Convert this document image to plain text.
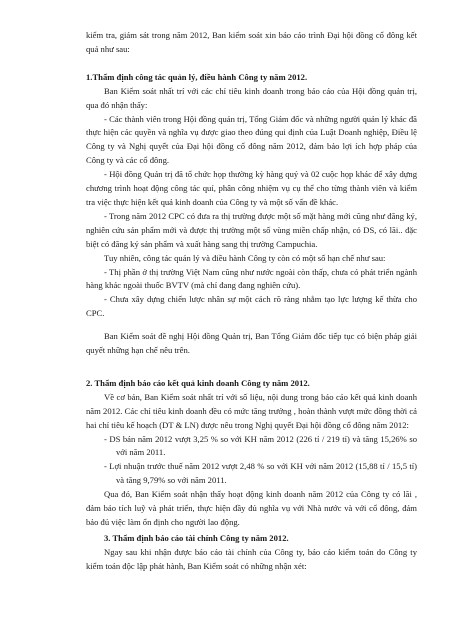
kiểm tra, giám sát trong năm 2012, Ban kiểm soát xin báo cáo trình Đại hội đồng cổ đông kết quả như sau:

1.Thẩm định công tác quản lý, điều hành Công ty năm 2012.

Ban Kiểm soát nhất trí với các chỉ tiêu kinh doanh trong báo cáo của Hội đồng quản trị, qua đó nhận thấy:

- Các thành viên trong Hội đồng quản trị, Tổng Giám đốc và những người quản lý khác đã thực hiện các quyền và nghĩa vụ được giao theo đúng qui định của Luật Doanh nghiệp, Điều lệ Công ty và Nghị quyết của Đại hội đồng cổ đông năm 2012, đảm bảo lợi ích hợp pháp của Công ty và các cổ đông.

- Hội đồng Quản trị đã tổ chức họp thường kỳ hàng quý và 02 cuộc họp khác để xây dựng chương trình hoạt động công tác quí, phân công nhiệm vụ cụ thể cho từng thành viên và kiểm tra việc thực hiện kết quả kinh doanh của Công ty và một số vấn đề khác.

- Trong năm 2012 CPC có đưa ra thị trường được một số mặt hàng mới cũng như đăng ký, nghiên cứu sản phẩm mới và được thị trường một số vùng miền chấp nhận, có DS, có lãi.. đặc biệt có đăng ký sản phẩm và xuất hàng sang thị trường Campuchia.

Tuy nhiên, công tác quản lý và điều hành Công ty còn có một số hạn chế như sau:

- Thị phần ở thị trường Việt Nam cũng như nước ngoài còn thấp, chưa có phát triển ngành hàng khác ngoài thuốc BVTV (mà chỉ đang đang nghiên cứu).

- Chưa xây dựng chiến lược nhân sự một cách rõ ràng nhằm tạo lực lượng kế thừa cho CPC.

Ban Kiểm soát đề nghị Hội đồng Quản trị, Ban Tổng Giám đốc tiếp tục có biện pháp giải quyết những hạn chế nêu trên.

2. Thẩm định báo cáo kết quả kinh doanh Công ty năm 2012.

Về cơ bản, Ban Kiểm soát nhất trí với số liệu, nội dung trong báo cáo kết quả kinh doanh năm 2012. Các chỉ tiêu kinh doanh đều có mức tăng trưởng , hoàn thành vượt mức đồng thời cả hai chỉ tiêu kế hoạch (DT & LN) được nêu trong Nghị quyết Đại hội đồng cổ đông năm 2012:

- DS bán năm 2012 vượt 3,25 % so với KH năm 2012 (226 tỉ / 219 tỉ) và tăng 15,26% so với năm 2011.

- Lợi nhuận trước thuế năm 2012 vượt 2,48 % so với KH với năm 2012 (15,88 tỉ / 15,5 tỉ) và tăng 9,79% so với năm 2011.

Qua đó, Ban Kiểm soát nhận thấy hoạt động kinh doanh năm 2012 của Công ty có lãi , đảm bảo tích luỹ và phát triển, thực hiện đầy đủ nghĩa vụ với Nhà nước và với cổ đông, đảm bảo đủ việc làm ổn định cho người lao động.

3. Thẩm định báo cáo tài chính Công ty năm 2012.

Ngay sau khi nhận được báo cáo tài chính của Công ty, báo cáo kiểm toán do Công ty kiểm toán độc lập phát hành, Ban Kiểm soát có những nhận xét:
